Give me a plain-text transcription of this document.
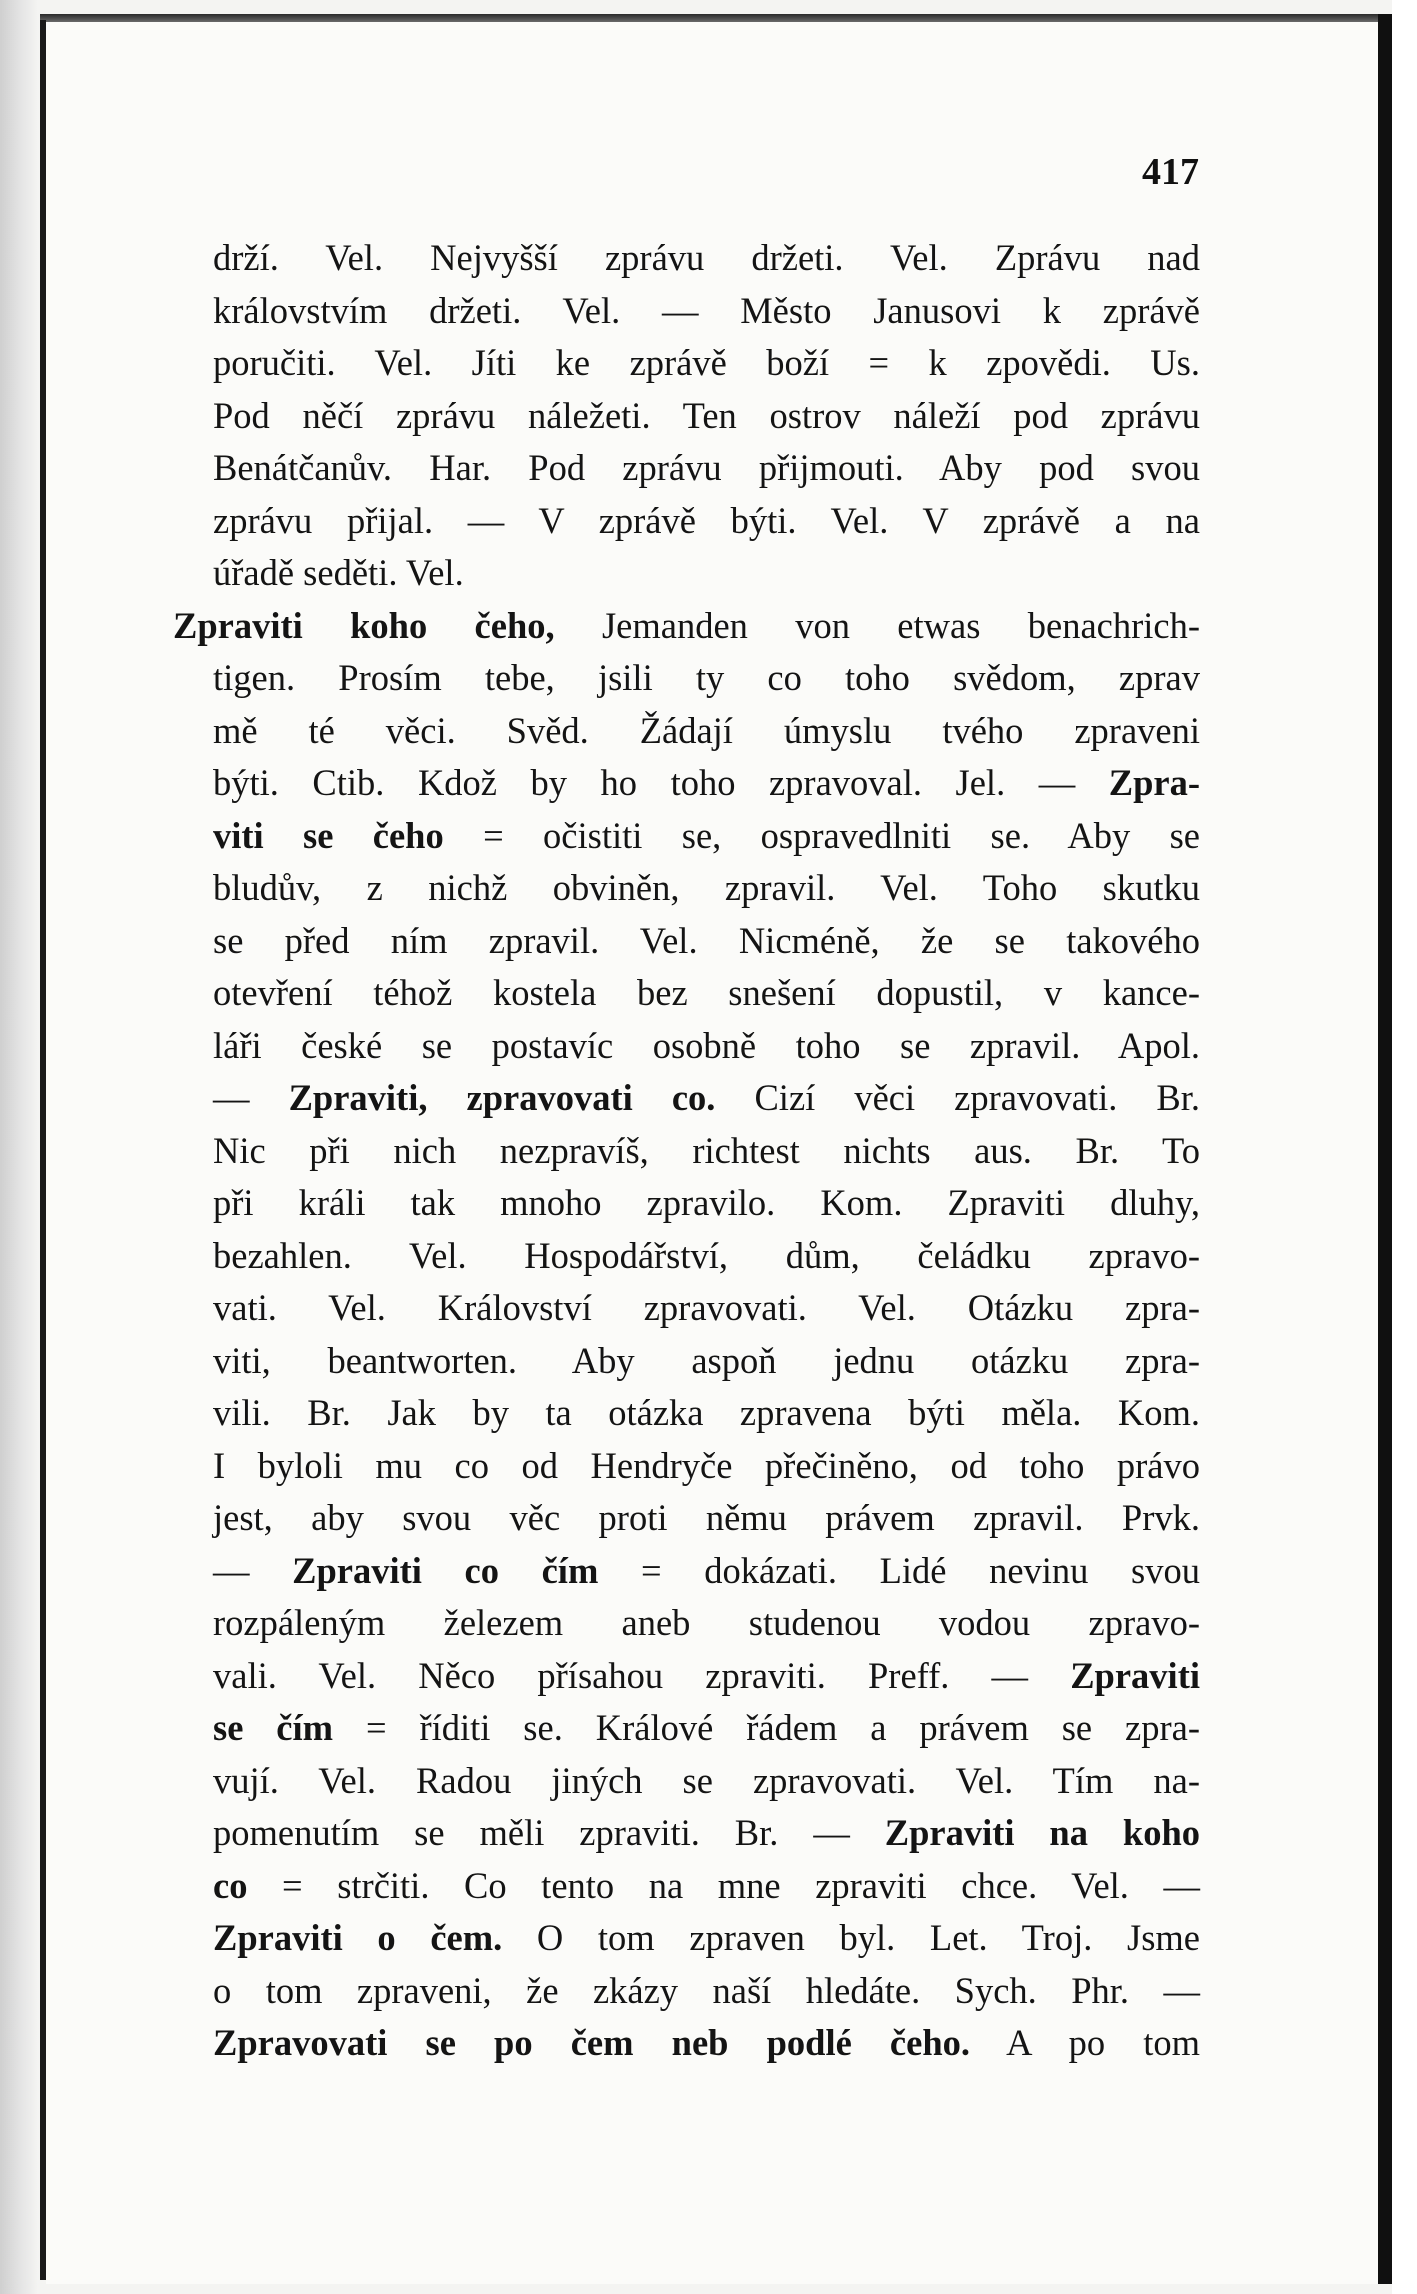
417
drží. Vel. Nejvyšší zprávu držeti. Vel. Zprávu nad
královstvím držeti. Vel. — Město Janusovi k zprávě
poručiti. Vel. Jíti ke zprávě boží = k zpovědi. Us.
Pod něčí zprávu náležeti. Ten ostrov náleží pod zprávu
Benátčanův. Har. Pod zprávu přijmouti. Aby pod svou
zprávu přijal. — V zprávě býti. Vel. V zprávě a na
úřadě seděti. Vel.
Zpraviti koho čeho, Jemanden von etwas benachrich-
tigen. Prosím tebe, jsili ty co toho svědom, zprav
mě té věci. Svěd. Žádají úmyslu tvého zpraveni
býti. Ctib. Kdož by ho toho zpravoval. Jel. — Zpra-
viti se čeho = očistiti se, ospravedlniti se. Aby se
bludův, z nichž obviněn, zpravil. Vel. Toho skutku
se před ním zpravil. Vel. Nicméně, že se takového
otevření téhož kostela bez snešení dopustil, v kance-
láři české se postavíc osobně toho se zpravil. Apol.
— Zpraviti, zpravovati co. Cizí věci zpravovati. Br.
Nic při nich nezpravíš, richtest nichts aus. Br. To
při králi tak mnoho zpravilo. Kom. Zpraviti dluhy,
bezahlen. Vel. Hospodářství, dům, čeládku zpravo-
vati. Vel. Království zpravovati. Vel. Otázku zpra-
viti, beantworten. Aby aspoň jednu otázku zpra-
vili. Br. Jak by ta otázka zpravena býti měla. Kom.
I byloli mu co od Hendryče přečiněno, od toho právo
jest, aby svou věc proti němu právem zpravil. Prvk.
— Zpraviti co čím = dokázati. Lidé nevinu svou
rozpáleným železem aneb studenou vodou zpravo-
vali. Vel. Něco přísahou zpraviti. Preff. — Zpraviti
se čím = říditi se. Králové řádem a právem se zpra-
vují. Vel. Radou jiných se zpravovati. Vel. Tím na-
pomenutím se měli zpraviti. Br. — Zpraviti na koho
co = strčiti. Co tento na mne zpraviti chce. Vel. —
Zpraviti o čem. O tom zpraven byl. Let. Troj. Jsme
o tom zpraveni, že zkázy naší hledáte. Sych. Phr. —
Zpravovati se po čem neb podlé čeho. A po tom
